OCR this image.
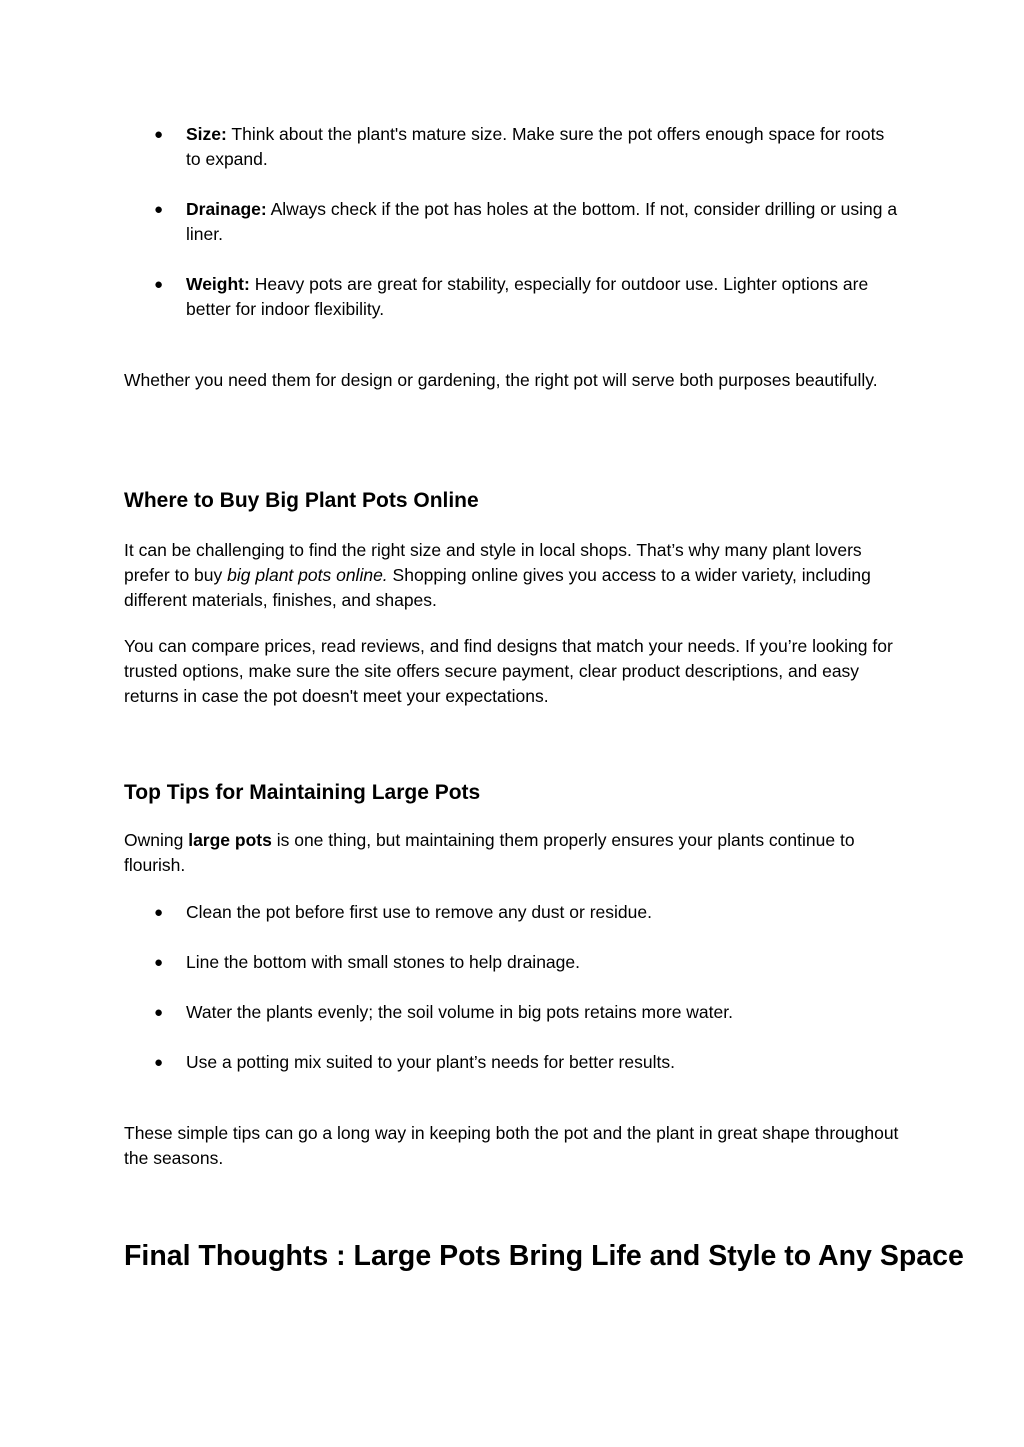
●	Size: Think about the plant's mature size. Make sure the pot offers enough space for roots to expand.
●	Drainage: Always check if the pot has holes at the bottom. If not, consider drilling or using a liner.
●	Weight: Heavy pots are great for stability, especially for outdoor use. Lighter options are better for indoor flexibility.

Whether you need them for design or gardening, the right pot will serve both purposes beautifully.

Where to Buy Big Plant Pots Online

It can be challenging to find the right size and style in local shops. That’s why many plant lovers prefer to buy big plant pots online. Shopping online gives you access to a wider variety, including different materials, finishes, and shapes.

You can compare prices, read reviews, and find designs that match your needs. If you’re looking for trusted options, make sure the site offers secure payment, clear product descriptions, and easy returns in case the pot doesn't meet your expectations.

Top Tips for Maintaining Large Pots

Owning large pots is one thing, but maintaining them properly ensures your plants continue to flourish.

●	Clean the pot before first use to remove any dust or residue.
●	Line the bottom with small stones to help drainage.
●	Water the plants evenly; the soil volume in big pots retains more water.
●	Use a potting mix suited to your plant’s needs for better results.

These simple tips can go a long way in keeping both the pot and the plant in great shape throughout the seasons.

Final Thoughts : Large Pots Bring Life and Style to Any Space
